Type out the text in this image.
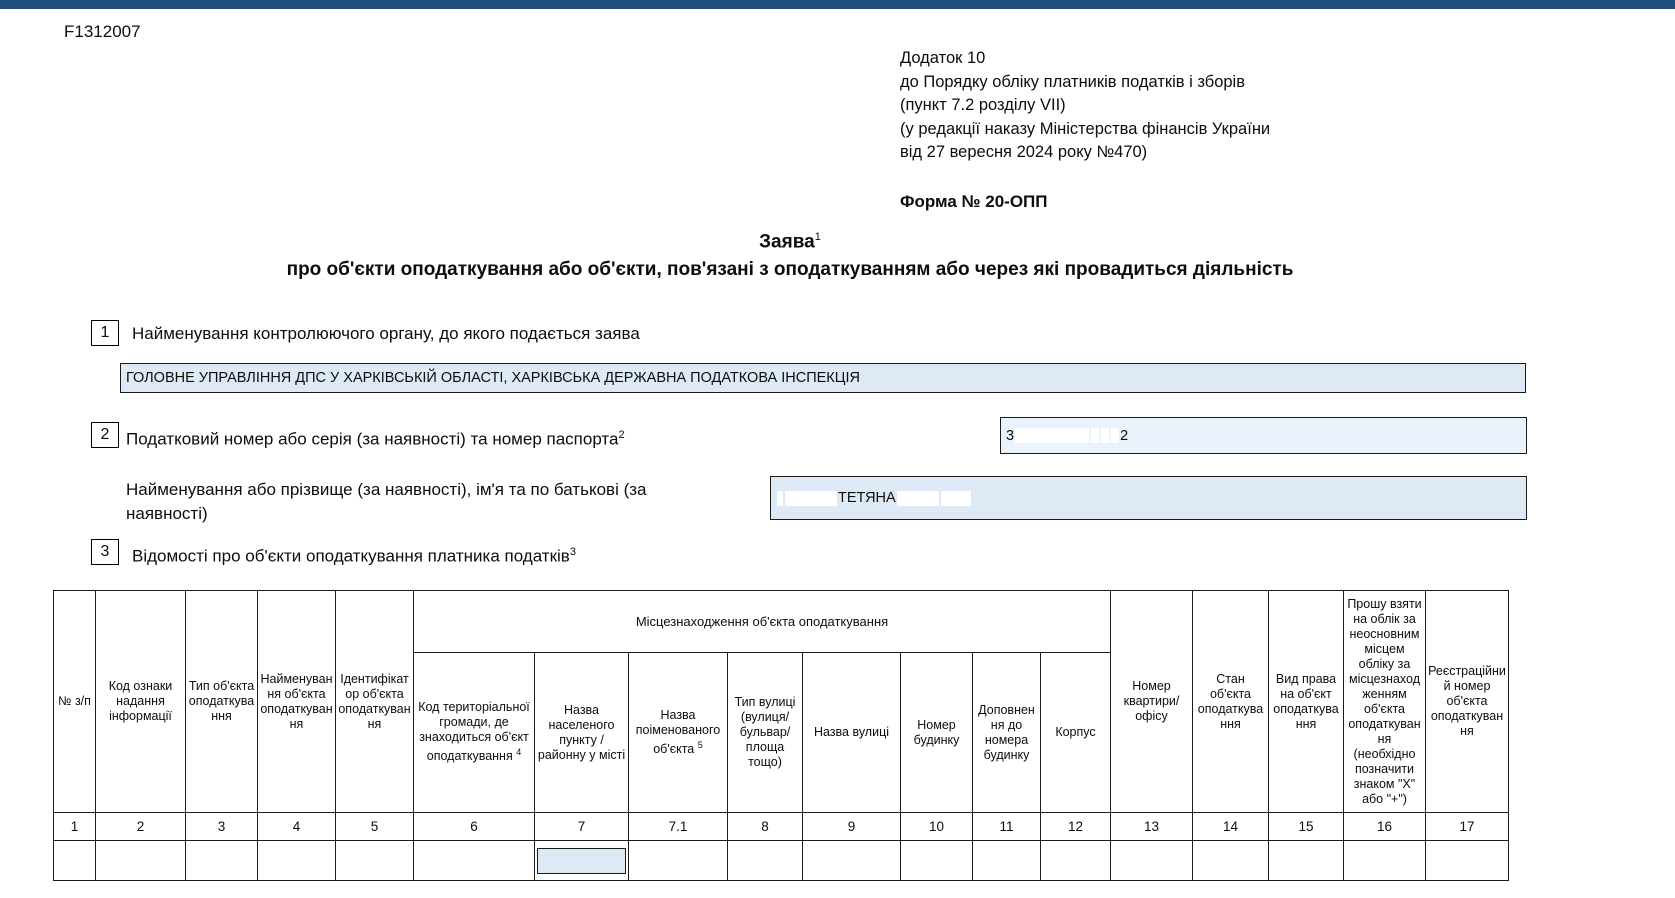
F1312007
Додаток 10
до Порядку обліку платників податків і зборів
(пункт 7.2 розділу VII)
(у редакції наказу Міністерства фінансів України
від 27 вересня 2024 року №470)
Форма № 20-ОПП
Заява$^1$
про об'єкти оподаткування або об'єкти, пов'язані з оподаткуванням або через які провадиться діяльність
1	Найменування контролюючого органу, до якого подається заява
ГОЛОВНЕ УПРАВЛІННЯ ДПС У ХАРКІВСЬКІЙ ОБЛАСТІ, ХАРКІВСЬКА ДЕРЖАВНА ПОДАТКОВА ІНСПЕКЦІЯ
2 Податковий номер або серія (за наявності) та номер паспорта$^2$	3	2
Найменування або прізвище (за наявності), ім'я та по батькові (за наявності)
ТЕТЯНА
3	Відомості про об'єкти оподаткування платника податків$^3$
№ з/п	Код ознаки надання інформації	Тип об'єкта оподаткування	Найменування об'єкта оподаткування	Ідентифікатор об'єкта оподаткування	Місцезнаходження об'єкта оподаткування								Номер квартири/ офісу	Стан об'єкта оподаткування	Вид права на об'єкт оподаткування	Прошу взяти на облік за неосновним місцем обліку за місцезнаходженням об'єкта оподаткування (необхідно позначити знаком "Х" або "+")	Реєстраційний номер об'єкта оподаткування
					Код територіальної громади, де знаходиться об'єкт оподаткування $^4$	Назва населеного пункту /районну у місті	Назва поіменованого об'єкта $^5$	Тип вулиці (вулиця/ бульвар/ площа тощо)	Назва вулиці	Номер будинку	Доповнення до номера будинку	Корпус					
1	2	3	4	5	6	7	7.1	8	9	10	11	12	13	14	15	16	17
